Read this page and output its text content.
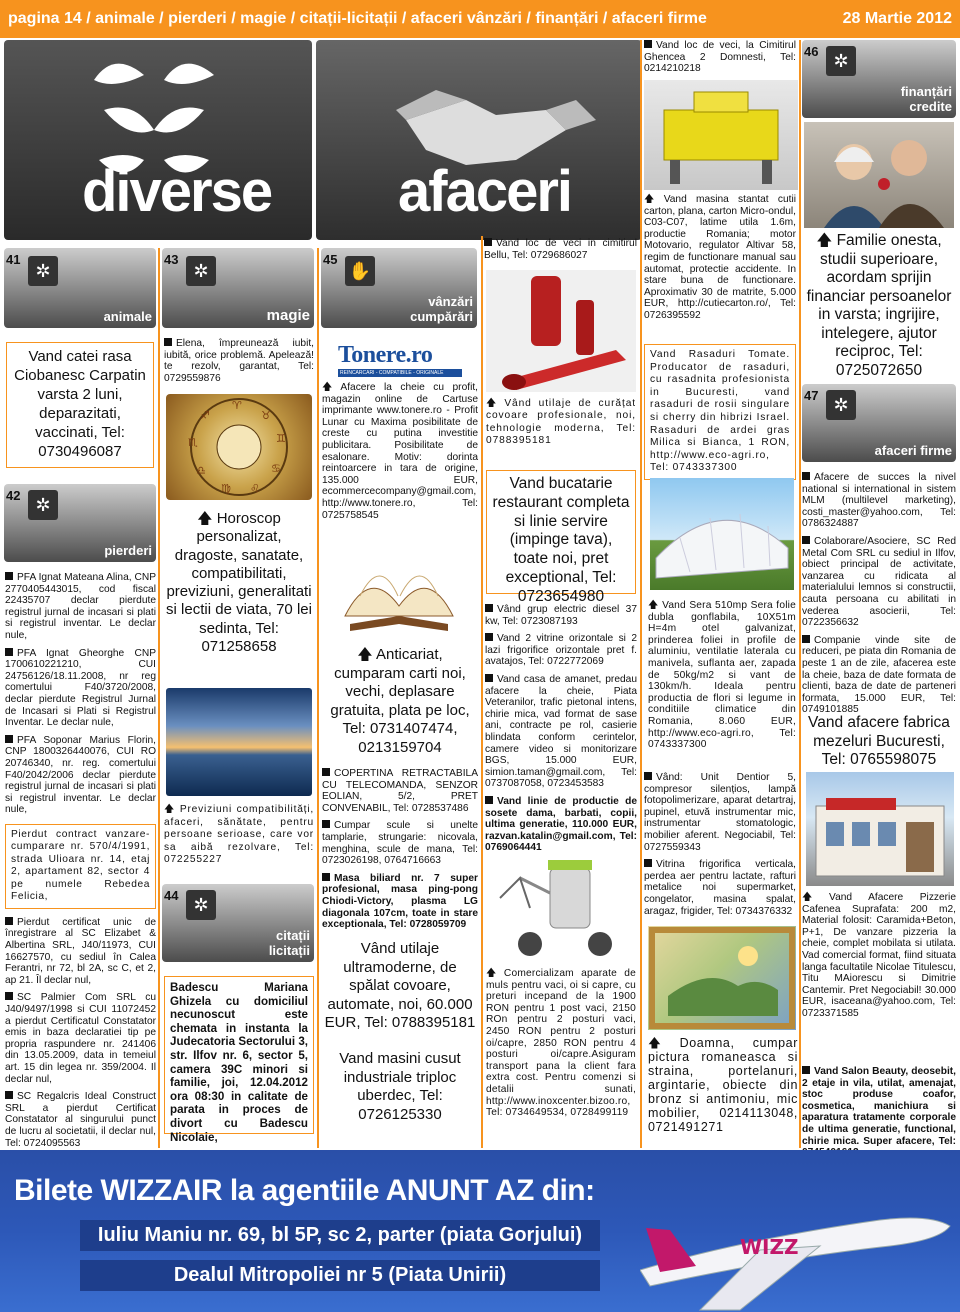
pagina 14 / animale / pierderi / magie / citații-licitații / afaceri vânzări / finanțări / afaceri firme	28 Martie 2012
diverse afaceri
41
✲
animale
Vand catei rasa Ciobanesc Carpatin varsta 2 luni, deparazitati, vaccinati, Tel: 0730496087
42 ✲
pierderi

PFA Ignat Mateana Alina, CNP 2770405443015, cod fiscal 22435707 declar pierdute registrul jurnal de incasari si plati si registrul inventar. Le declar nule,

PFA Ignat Gheorghe CNP 1700610221210, CUI 24756126/18.11.2008, nr reg comertului F40/3720/2008, declar pierdute Registrul Jurnal de Incasari si Plati si Registrul Inventar. Le declar nule,

PFA Soponar Marius Florin, CNP 1800326440076, CUI RO 20746340, nr. reg. comertului F40/2042/2006 declar pierdute registrul jurnal de incasari si plati si registrul inventar. Le declar nule,

Pierdut contract vanzare-cumparare nr. 570/4/1991, strada Ulioara nr. 14, etaj 2, apartament 82, sector 4 pe numele Rebedea Felicia,

Pierdut certificat unic de înregistrare al SC Elizabet & Albertina SRL, J40/11973, CUI 16627570, cu sediul în Calea Ferantri, nr 72, bl 2A, sc C, et 2, ap 21. Îl declar nul,

SC Palmier Com SRL cu J40/9497/1998 si CUI 11072452 a pierdut Certificatul Constatator emis in baza declaratiei tip pe propria raspundere nr. 241406 din 13.05.2009, data in temeiul art. 15 din legea nr. 359/2004. Il declar nul,

SC Regalcris Ideal Construct SRL a pierdut Certificat Constatator al singurului punct de lucru al societatii, il declar nul, Tel: 0724095563

43
✲
magie
Elena, împreunează iubit, iubită, orice problemă. Apelează! te rezolv, garantat, Tel: 0729559876
♈
♉
♊
♋
♌
♍
♎
♏
♐
🡅 Horoscop personalizat, dragoste, sanatate, compatibilitati, previziuni, generalitati si lectii de viata, 70 lei sedinta, Tel: 071258658
🡅 Previziuni compatibilități, afaceri, sănătate, pentru persoane serioase, care vor sa aibă rezolvare, Tel: 072255227
44 ✲
citații licitații
Badescu Mariana Ghizela cu domiciliul necunoscut este chemata in instanta la Judecatoria Sectorului 3, str. Ilfov nr. 6, sector 5, camera 39C minori si familie, joi, 12.04.2012 ora 08:30 in calitate de parata in proces de divort cu Badescu Nicolaie,
45
✋
vânzări cumpărări
Tonere.ro
REINCARCARI - COMPATIBILE - ORIGINALE
🡅 Afacere la cheie cu profit, magazin online de Cartuse imprimante www.tonere.ro - Profit Lunar cu Maxima posibilitate de creste cu putina investitie publicitara. Posibilitate de esalonare. Motiv: dorinta reintoarcere in tara de origine, 135.000 EUR, ecommercecompany@gmail.com, http://www.tonere.ro, Tel: 0725758545
🡅 Anticariat, cumparam carti noi, vechi, deplasare gratuita, plata pe loc, Tel: 0731407474, 0213159704

COPERTINA RETRACTABILA CU TELECOMANDA, SENZOR EOLIAN, 5/2, PRET CONVENABIL, Tel: 0728537486

Cumpar scule si unelte tamplarie, strungarie: nicovala, menghina, scule de mana, Tel: 0723026198, 0764716663

Masa biliard nr. 7 super profesional, masa ping-pong Chiodi-Victory, plasma LG diagonala 107cm, toate in stare exceptionala, Tel: 0728059709

Vând utilaje ultramoderne, de spălat covoare, automate, noi, 60.000 EUR, Tel: 0788395181
Vand masini cusut industriale triploc uberdec, Tel: 0726125330
Vand loc de veci in cimitirul Bellu, Tel: 0729686027
🡅 Vând utilaje de curățat covoare profesionale, noi, tehnologie moderna, Tel: 0788395181
Vand bucatarie restaurant completa si linie servire (impinge tava), toate noi, pret exceptional, Tel: 0723654980

Vând grup electric diesel 37 kw, Tel: 0723087193

Vand 2 vitrine orizontale si 2 lazi frigorifice orizontale pret f. avatajos, Tel: 0722772069

Vand casa de amanet, predau afacere la cheie, Piata Veteranilor, trafic pietonal intens, chirie mica, vad format de sase ani, contracte pe rol, casierie blindata conform cerintelor, camere video si monitorizare BGS, 15.000 EUR, simion.taman@gmail.com, Tel: 0737087058, 0723453583

Vand linie de productie de sosete dama, barbati, copii, ultima generatie, 110.000 EUR, razvan.katalin@gmail.com, Tel: 0769064441

🡅 Comercializam aparate de muls pentru vaci, oi si capre, cu preturi incepand de la 1900 RON pentru 1 post vaci, 2150 ROn pentru 2 posturi vaci, 2450 RON pentru 2 posturi oi/capre, 2850 RON pentru 4 posturi oi/capre.Asiguram transport pana la client fara extra cost. Pentru comenzi si detalii sunati, http://www.inoxcenter.bizoo.ro, Tel: 0734649534, 0728499119
Vand loc de veci, la Cimitirul Ghencea 2 Domnesti, Tel: 0214210218
🡅 Vand masina stantat cutii carton, plana, carton Micro-ondul, C03-C07, latime utila 1.6m, productie Romania; motor Motovario, regulator Altivar 58, regim de functionare manual sau automat, protectie accidente. In stare buna de functionare. Aproximativ 30 de matrite, 5.000 EUR, http://cutiecarton.ro/, Tel: 0726395592
Vand Rasaduri Tomate. Producator de rasaduri, cu rasadnita profesionista in Bucuresti, vand rasaduri de rosii singulare si cherry din hibrizi Israel. Rasaduri de ardei gras Milica si Bianca, 1 RON, http://www.eco-agri.ro, Tel: 0743337300
🡅 Vand Sera 510mp Sera folie dubla gonflabila, 10X51m H=4m otel galvanizat, prinderea foliei in profile de aluminiu, ventilatie laterala cu manivela, suflanta aer, zapada de 50kg/m2 si vant de 130km/h. Ideala pentru productia de flori si legume in conditiile climatice din Romania, 8.060 EUR, http://www.eco-agri.ro, Tel: 0743337300

Vând: Unit Dentior 5, compresor silențios, lampă fotopolimerizare, aparat detartraj, pupinel, etuvă instrumentar mic, instrumentar stomatologic, mobilier aferent. Negociabil, Tel: 0727559343

Vitrina frigorifica verticala, perdea aer pentru lactate, rafturi metalice noi supermarket, congelator, masina spalat, aragaz, frigider, Tel: 0734376332

🡅 Doamna, cumpar pictura romaneasca si straina, portelanuri, argintarie, obiecte din bronz si antimoniu, mic mobilier, 0214113048, 0721491271
46 ✲
finanțări credite
🡅 Familie onesta, studii superioare, acordam sprijin financiar persoanelor in varsta; ingrijire, intelegere, ajutor reciproc, Tel: 0725072650
47 ✲
afaceri firme

Afacere de succes la nivel national si international in sistem MLM (multilevel marketing), costi_master@yahoo.com, Tel: 0786324887

Colaborare/Asociere, SC Red Metal Com SRL cu sediul in Ilfov, obiect principal de activitate, vanzarea cu ridicata al materialului lemnos si constructii, cauta persoana cu abilitati in vederea asocierii, Tel: 0722356632

Companie vinde site de reduceri, pe piata din Romania de peste 1 an de zile, afacerea este la cheie, baza de date formata de clienti, baza de date de parteneri formata, 15.000 EUR, Tel: 0749101885

Vand afacere fabrica mezeluri Bucuresti, Tel: 0765598075
🡅 Vand Afacere Pizzerie Cafenea Suprafata: 200 m2, Material folosit: Caramida+Beton, P+1, De vanzare pizzeria la cheie, complet mobilata si utilata. Vad comercial format, fiind situata langa facultatile Nicolae Titulescu, Titu MAiorescu si Dimitrie Cantemir. Pret Negociabil! 30.000 EUR, isaceana@yahoo.com, Tel: 0723371585
Vand Salon Beauty, deosebit, 2 etaje in vila, utilat, amenajat, stoc produse coafor, cosmetica, manichiura si aparatura tratamente corporale de ultima generatie, functional, chirie mica. Super afacere, Tel:
Bilete WIZZAIR la agentiile ANUNT AZ din:
Iuliu Maniu nr. 69, bl 5P, sc 2, parter (piata Gorjului)
Dealul Mitropoliei nr 5 (Piata Unirii)
WIZZ
